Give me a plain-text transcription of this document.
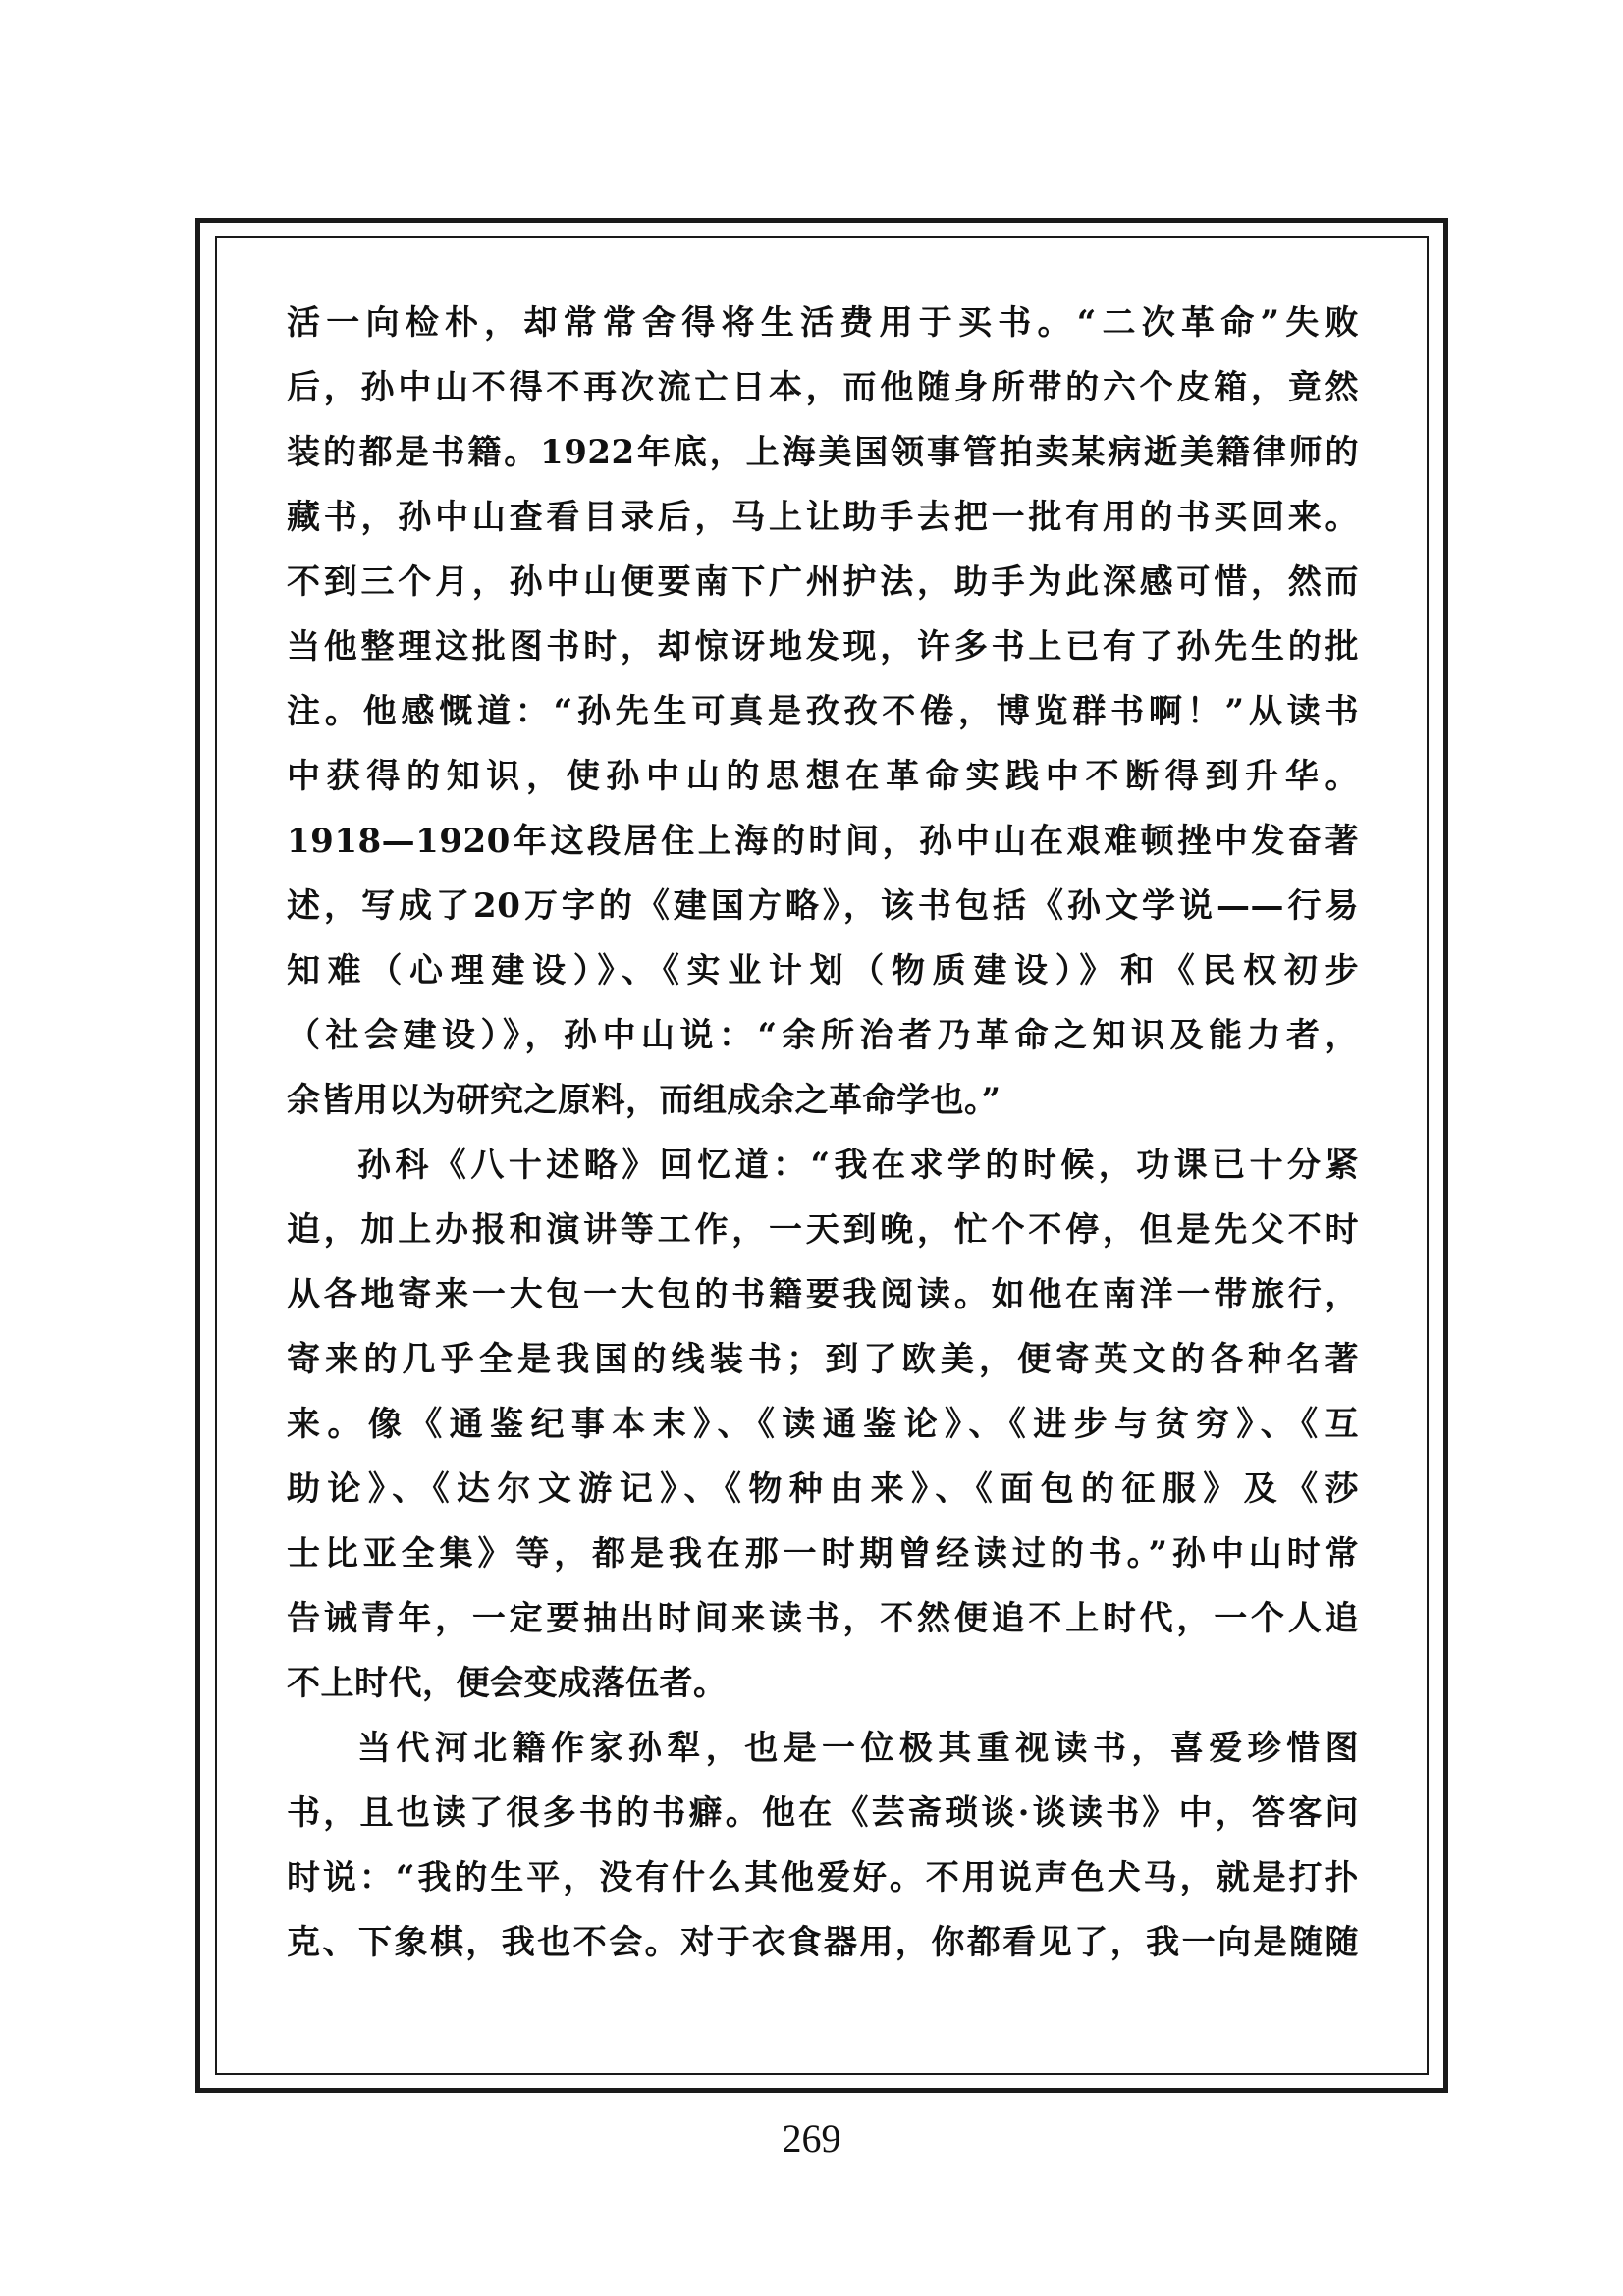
活一向检朴，却常常舍得将生活费用于买书。“二次革命”失败
后，孙中山不得不再次流亡日本，而他随身所带的六个皮箱，竟然
装的都是书籍。1922年底，上海美国领事管拍卖某病逝美籍律师的
藏书，孙中山查看目录后，马上让助手去把一批有用的书买回来。
不到三个月，孙中山便要南下广州护法，助手为此深感可惜，然而
当他整理这批图书时，却惊讶地发现，许多书上已有了孙先生的批
注。他感慨道：“孙先生可真是孜孜不倦，博览群书啊！”从读书
中获得的知识，使孙中山的思想在革命实践中不断得到升华。
1918—1920年这段居住上海的时间，孙中山在艰难顿挫中发奋著
述，写成了20万字的《建国方略》，该书包括《孙文学说——行易
知难（心理建设）》、《实业计划（物质建设）》和《民权初步
（社会建设）》，孙中山说：“余所治者乃革命之知识及能力者，
余皆用以为研究之原料，而组成余之革命学也。”
孙科《八十述略》回忆道：“我在求学的时候，功课已十分紧
迫，加上办报和演讲等工作，一天到晚，忙个不停，但是先父不时
从各地寄来一大包一大包的书籍要我阅读。如他在南洋一带旅行，
寄来的几乎全是我国的线装书；到了欧美，便寄英文的各种名著
来。像《通鉴纪事本末》、《读通鉴论》、《进步与贫穷》、《互
助论》、《达尔文游记》、《物种由来》、《面包的征服》及《莎
士比亚全集》等，都是我在那一时期曾经读过的书。”孙中山时常
告诫青年，一定要抽出时间来读书，不然便追不上时代，一个人追
不上时代，便会变成落伍者。
当代河北籍作家孙犁，也是一位极其重视读书，喜爱珍惜图
书，且也读了很多书的书癖。他在《芸斋琐谈·谈读书》中，答客问
时说：“我的生平，没有什么其他爱好。不用说声色犬马，就是打扑
克、下象棋，我也不会。对于衣食器用，你都看见了，我一向是随随
269
